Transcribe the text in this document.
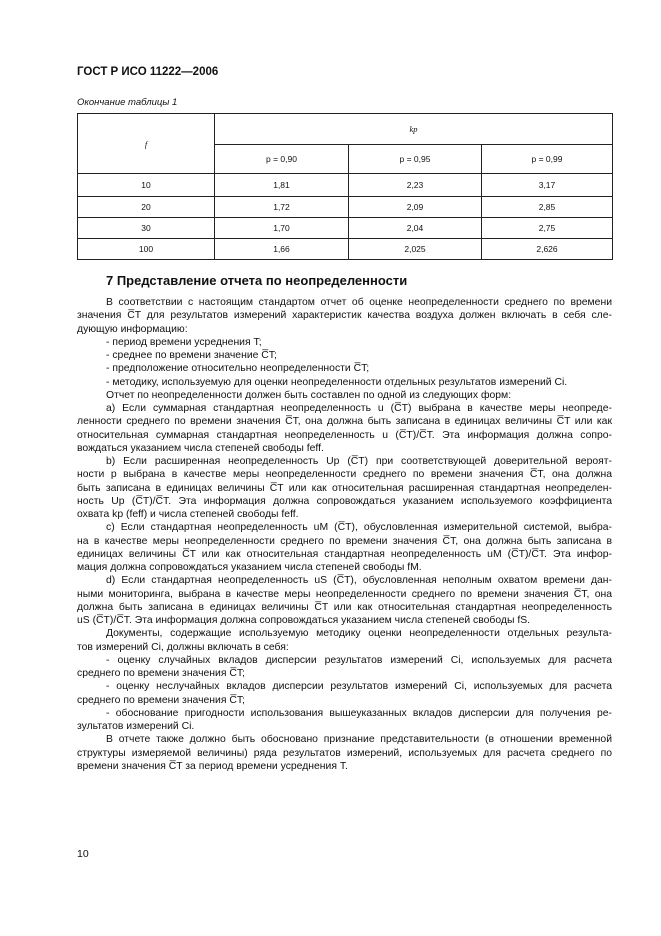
ГОСТ Р ИСО 11222—2006
Окончание таблицы 1
f	kp		
	p = 0,90	p = 0,95	p = 0,99
10	1,81	2,23	3,17
20	1,72	2,09	2,85
30	1,70	2,04	2,75
100	1,66	2,025	2,626
7 Представление отчета по неопределенности
В соответствии с настоящим стандартом отчет об оценке неопределенности среднего по времени
значения C̅T для результатов измерений характеристик качества воздуха должен включать в себя сле-
дующую информацию:
- период времени усреднения T;
- среднее по времени значение C̅T;
- предположение относительно неопределенности C̅T;
- методику, используемую для оценки неопределенности отдельных результатов измерений Ci.
Отчет по неопределенности должен быть составлен по одной из следующих форм:
a) Если суммарная стандартная неопределенность u (C̅T) выбрана в качестве меры неопреде-
ленности среднего по времени значения C̅T, она должна быть записана в единицах величины C̅T или как
относительная суммарная стандартная неопределенность u (C̅T)/C̅T. Эта информация должна сопро-
вождаться указанием числа степеней свободы feff.
b) Если расширенная неопределенность Up (C̅T) при соответствующей доверительной вероят-
ности p выбрана в качестве меры неопределенности среднего по времени значения C̅T, она должна
быть записана в единицах величины C̅T или как относительная расширенная стандартная неопределен-
ность Up (C̅T)/C̅T. Эта информация должна сопровождаться указанием используемого коэффициента
охвата kp (feff) и числа степеней свободы feff.
c) Если стандартная неопределенность uM (C̅T), обусловленная измерительной системой, выбра-
на в качестве меры неопределенности среднего по времени значения C̅T, она должна быть записана в
единицах величины C̅T или как относительная стандартная неопределенность uM (C̅T)/C̅T. Эта инфор-
мация должна сопровождаться указанием числа степеней свободы fM.
d) Если стандартная неопределенность uS (C̅T), обусловленная неполным охватом времени дан-
ными мониторинга, выбрана в качестве меры неопределенности среднего по времени значения C̅T, она
должна быть записана в единицах величины C̅T или как относительная стандартная неопределенность
uS (C̅T)/C̅T. Эта информация должна сопровождаться указанием числа степеней свободы fS.
Документы, содержащие используемую методику оценки неопределенности отдельных результа-
тов измерений Ci, должны включать в себя:
- оценку случайных вкладов дисперсии результатов измерений Ci, используемых для расчета
среднего по времени значения C̅T;
- оценку неслучайных вкладов дисперсии результатов измерений Ci, используемых для расчета
среднего по времени значения C̅T;
- обоснование пригодности использования вышеуказанных вкладов дисперсии для получения ре-
зультатов измерений Ci.
В отчете также должно быть обосновано признание представительности (в отношении временной
структуры измеряемой величины) ряда результатов измерений, используемых для расчета среднего по
времени значения C̅T за период времени усреднения T.
10
